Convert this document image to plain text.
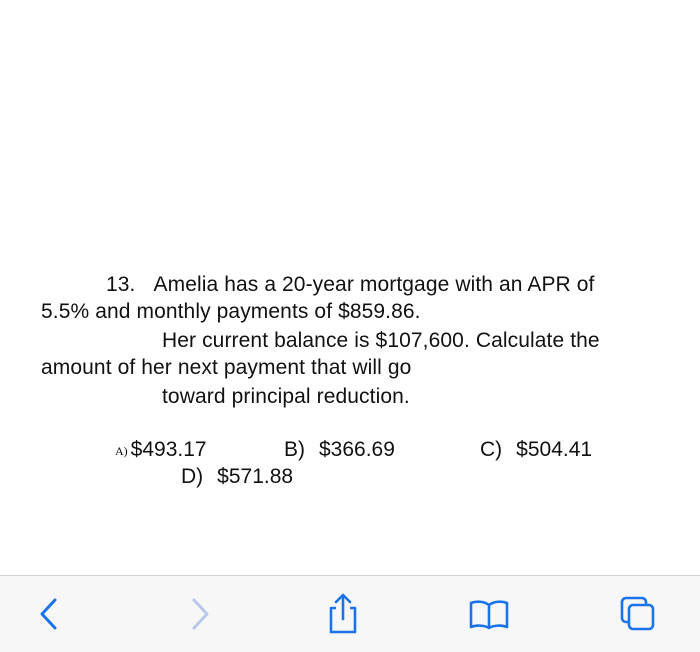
13. Amelia has a 20-year mortgage with an APR of
5.5% and monthly payments of $859.86.
Her current balance is $107,600. Calculate the
amount of her next payment that will go
toward principal reduction.
A) $493.17	B) $366.69	C) $504.41
D) $571.88
